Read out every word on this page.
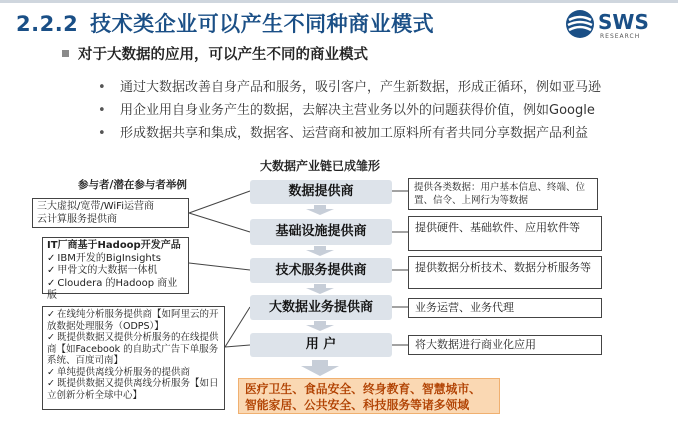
2.2.2 技术类企业可以产生不同种商业模式	SWS
RESEARCH
对于大数据的应用，可以产生不同的商业模式
• 通过大数据改善自身产品和服务，吸引客户，产生新数据，形成正循环，例如亚马逊
• 用企业用自身业务产生的数据，去解决主营业务以外的问题获得价值，例如Google
• 形成数据共享和集成，数据客、运营商和被加工原料所有者共同分享数据产品利益
大数据产业链已成雏形
参与者/潜在参与者举例
三大虚拟/宽带/WiFi运营商
云计算服务提供商
IT厂商基于Hadoop开发产品
✓ IBM开发的BigInsights
✓ 甲骨文的大数据一体机
✓ Cloudera 的Hadoop 商业版
✓ 在线纯分析服务提供商【如阿里云的开放数据处理服务（ODPS）】
✓ 既提供数据又提供分析服务的在线提供商【如Facebook 的自助式广告下单服务系统、百度司南】
✓ 单纯提供离线分析服务的提供商
✓ 既提供数据又提供离线分析服务【如日立创新分析全球中心】
数据提供商
基础设施提供商
技术服务提供商
大数据业务提供商
用 户
提供各类数据：用户基本信息、终端、位置、信令、上网行为等数据
提供硬件、基础软件、应用软件等
提供数据分析技术、数据分析服务等
业务运营、业务代理
将大数据进行商业化应用
医疗卫生、食品安全、终身教育、智慧城市、
智能家居、公共安全、科技服务等诸多领域
